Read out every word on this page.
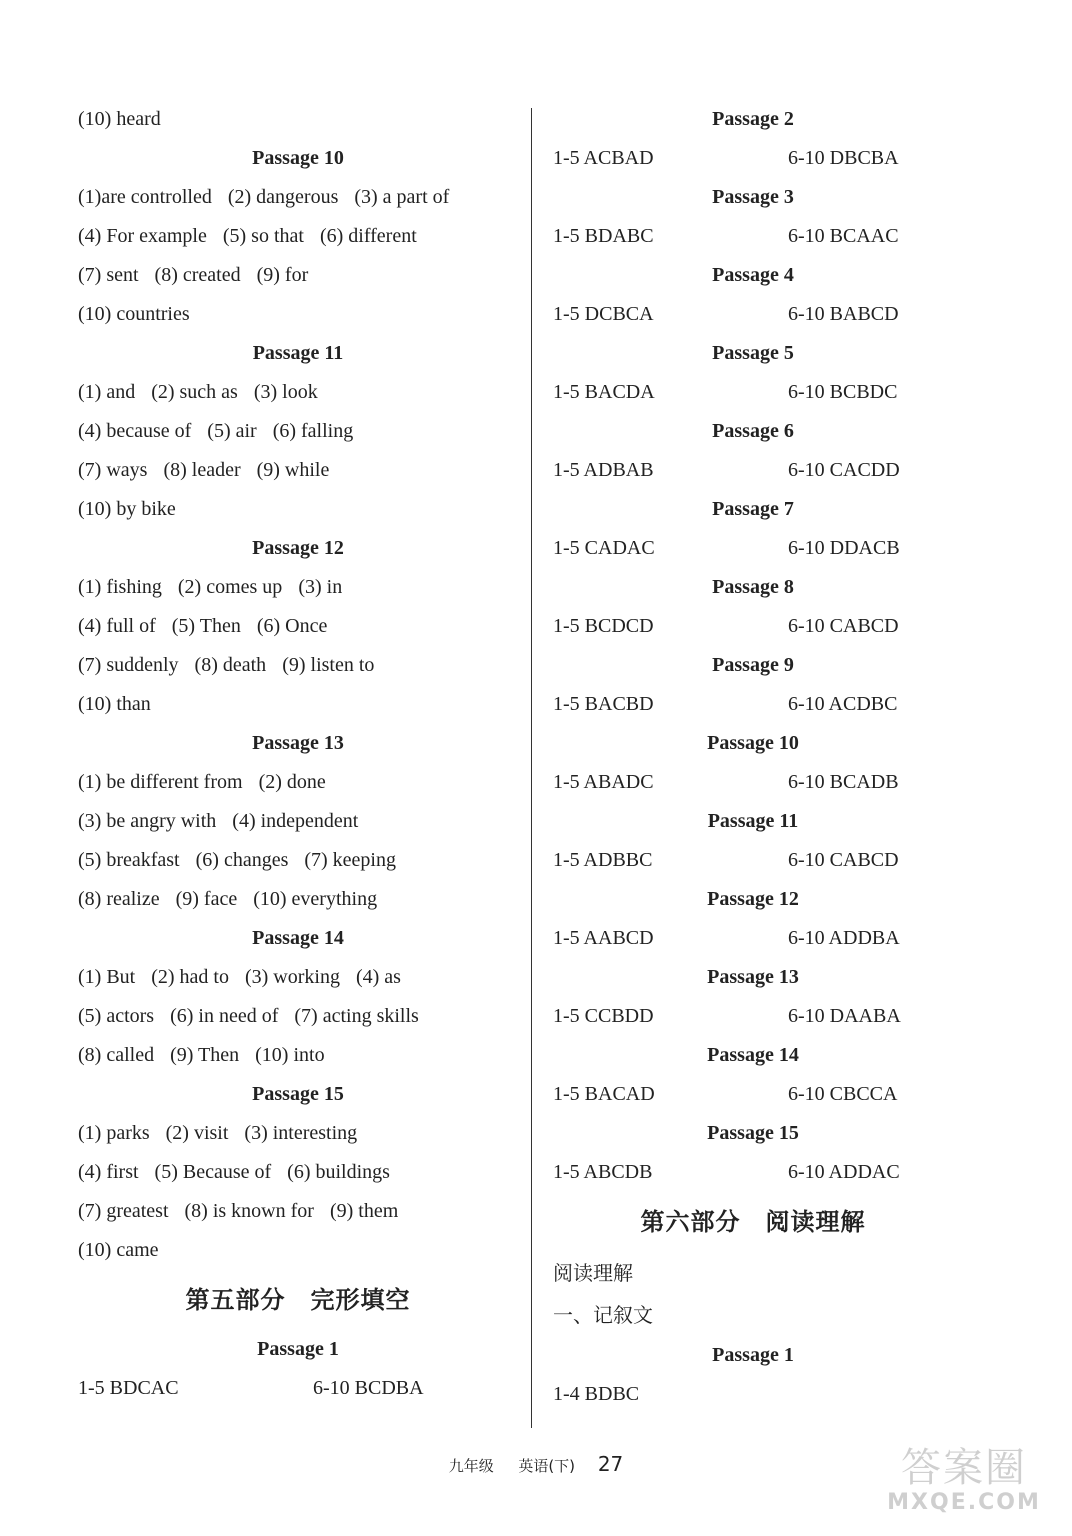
(10) heard
Passage 10
(1)are controlled (2) dangerous (3) a part of
(4) For example (5) so that (6) different
(7) sent (8) created (9) for
(10) countries
Passage 11
(1) and (2) such as (3) look
(4) because of (5) air (6) falling
(7) ways (8) leader (9) while
(10) by bike
Passage 12
(1) fishing (2) comes up (3) in
(4) full of (5) Then (6) Once
(7) suddenly (8) death (9) listen to
(10) than
Passage 13
(1) be different from (2) done
(3) be angry with (4) independent
(5) breakfast (6) changes (7) keeping
(8) realize (9) face (10) everything
Passage 14
(1) But (2) had to (3) working (4) as
(5) actors (6) in need of (7) acting skills
(8) called (9) Then (10) into
Passage 15
(1) parks (2) visit (3) interesting
(4) first (5) Because of (6) buildings
(7) greatest (8) is known for (9) them
(10) came
第五部分　完形填空
Passage 1
1-5 BDCAC	6-10 BCDBA
Passage 2
1-5 ACBAD	6-10 DBCBA
Passage 3
1-5 BDABC	6-10 BCAAC
Passage 4
1-5 DCBCA	6-10 BABCD
Passage 5
1-5 BACDA	6-10 BCBDC
Passage 6
1-5 ADBAB	6-10 CACDD
Passage 7
1-5 CADAC	6-10 DDACB
Passage 8
1-5 BCDCD	6-10 CABCD
Passage 9
1-5 BACBD	6-10 ACDBC
Passage 10
1-5 ABADC	6-10 BCADB
Passage 11
1-5 ADBBC	6-10 CABCD
Passage 12
1-5 AABCD	6-10 ADDBA
Passage 13
1-5 CCBDD	6-10 DAABA
Passage 14
1-5 BACAD	6-10 CBCCA
Passage 15
1-5 ABCDB	6-10 ADDAC
第六部分　阅读理解
阅读理解
一、记叙文
Passage 1
1-4 BDBC
九年级 　 英语(下) 27	答案圈
MXQE.COM
